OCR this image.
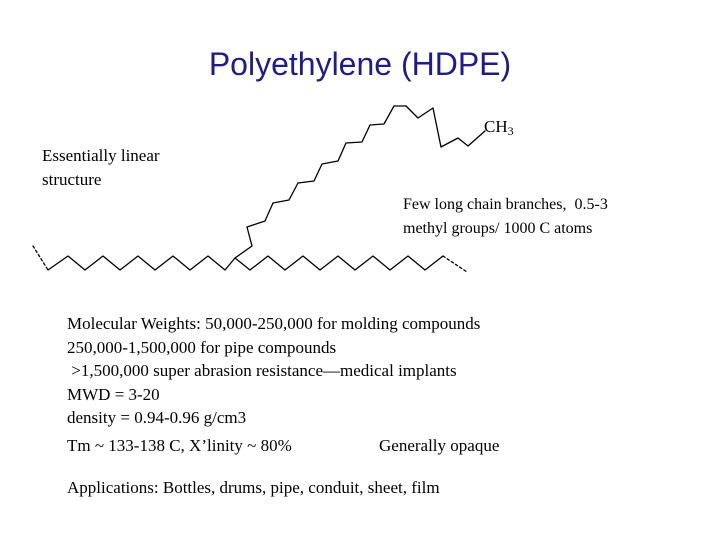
Polyethylene (HDPE)
$CH_3$
Essentially linear structure
Few long chain branches,  0.5-3
methyl groups/ 1000 C atoms
Molecular Weights: 50,000-250,000 for molding compounds
250,000-1,500,000 for pipe compounds
>1,500,000 super abrasion resistance—medical implants
MWD = 3-20
density = 0.94-0.96 g/cm3

Tm ~ 133-138 C, X’linity ~ 80%

	Generally opaque

Applications: Bottles, drums, pipe, conduit, sheet, film
